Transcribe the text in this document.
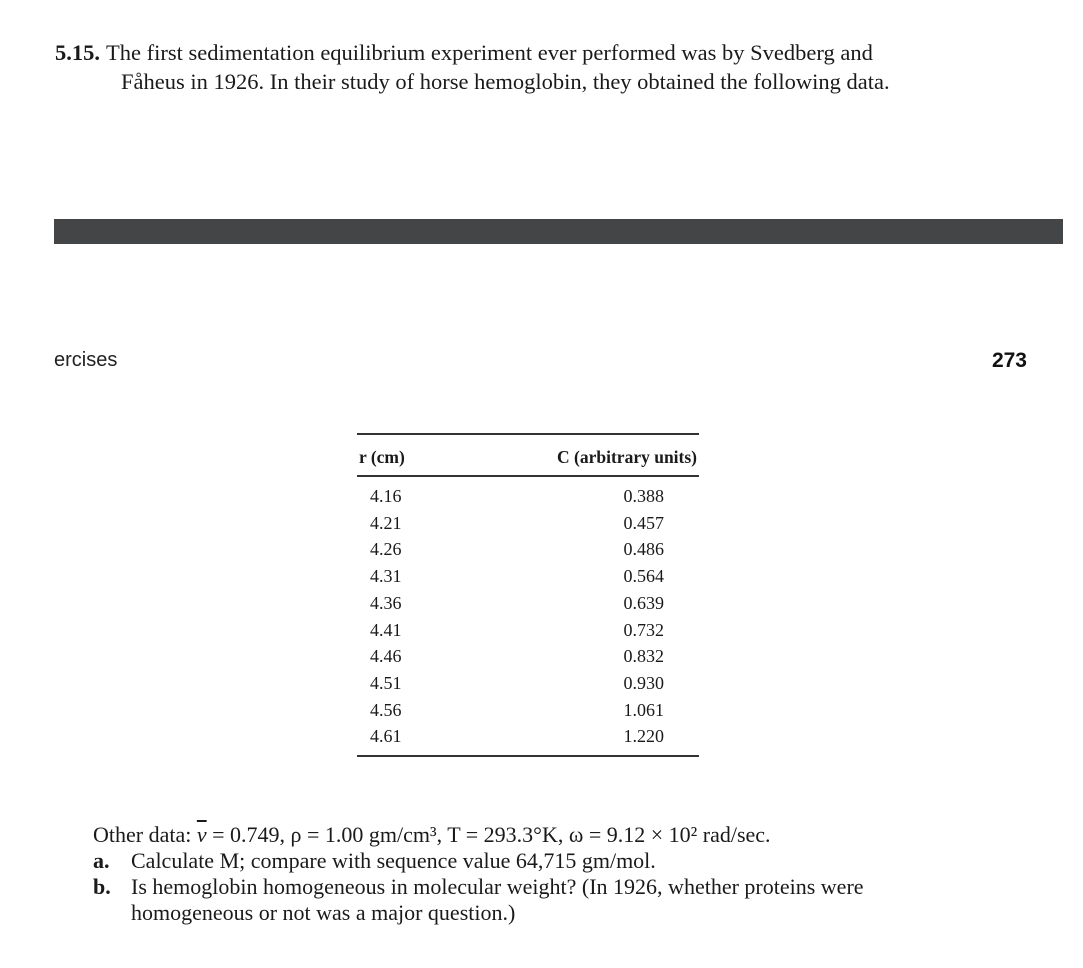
5.15. The first sedimentation equilibrium experiment ever performed was by Svedberg and
Fåheus in 1926. In their study of horse hemoglobin, they obtained the following data.
ercises	273
r (cm)	C (arbitrary units)
4.16	0.388
4.21	0.457
4.26	0.486
4.31	0.564
4.36	0.639
4.41	0.732
4.46	0.832
4.51	0.930
4.56	1.061
4.61	1.220
Other data: $\overline{v} = 0.749$, ρ = 1.00 gm/cm³, T = 293.3°K, ω = 9.12 × 10² rad/sec.
a. Calculate M; compare with sequence value 64,715 gm/mol.
b. Is hemoglobin homogeneous in molecular weight? (In 1926, whether proteins were
homogeneous or not was a major question.)
